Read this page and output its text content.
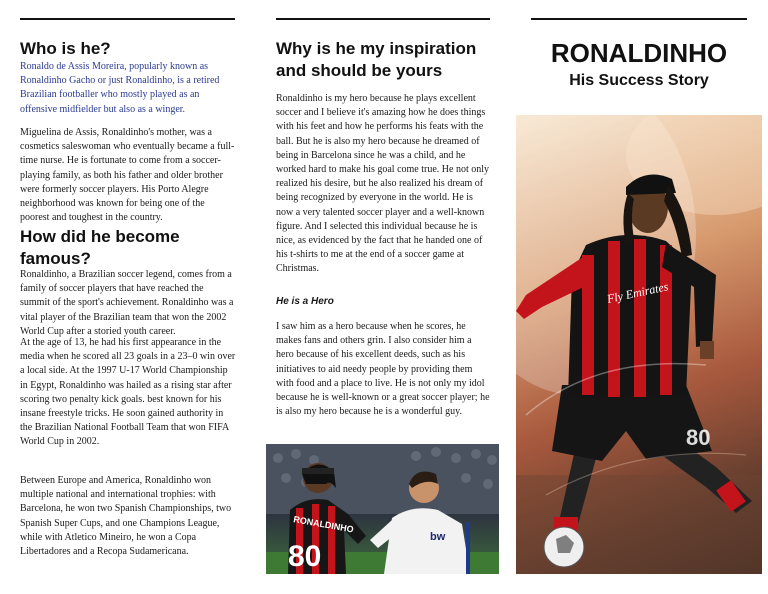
Who is he?

Ronaldo de Assis Moreira, popularly known as Ronaldinho Gacho or just Ronaldinho, is a retired Brazilian footballer who mostly played as an offensive midfielder but also as a winger.

Miguelina de Assis, Ronaldinho's mother, was a cosmetics saleswoman who eventually became a full-time nurse. He is fortunate to come from a soccer-playing family, as both his father and older brother were formerly soccer players. His Porto Alegre neighborhood was known for being one of the poorest and toughest in the country.

How did he become famous?

Ronaldinho, a Brazilian soccer legend, comes from a family of soccer players that have reached the summit of the sport's achievement. Ronaldinho was a vital player of the Brazilian team that won the 2002 World Cup after a storied youth career.

At the age of 13, he had his first appearance in the media when he scored all 23 goals in a 23–0 win over a local side. At the 1997 U-17 World Championship in Egypt, Ronaldinho was hailed as a rising star after scoring two penalty kick goals. best known for his insane freestyle tricks. He soon gained authority in the Brazilian National Football Team that won FIFA World Cup in 2002.

Between Europe and America, Ronaldinho won multiple national and international trophies: with Barcelona, he won two Spanish Championships, two Spanish Super Cups, and one Champions League, while with Atletico Mineiro, he won a Copa Libertadores and a Recopa Sudamericana.

Why is he my inspiration and should be yours

Ronaldinho is my hero because he plays excellent soccer and I believe it's amazing how he does things with his feet and how he performs his feats with the ball. But he is also my hero because he dreamed of being in Barcelona since he was a child, and he worked hard to make his goal come true. He not only realized his desire, but he also realized his dream of being recognized by everyone in the world. He is now a very talented soccer player and a well-known figure. And I selected this individual because he is nice, as evidenced by the fact that he handed one of his t-shirts to me at the end of a soccer game at Christmas.

He is a Hero

I saw him as a hero because when he scores, he makes fans and others grin. I also consider him a hero because of his excellent deeds, such as his initiatives to aid needy people by providing them with food and a place to live. He is not only my idol because he is well-known or a great soccer player; he is also my hero because he is a wonderful guy.

RONALDINHO
80
bw
RONALDINHO
His Success Story
80
Fly Emirates
